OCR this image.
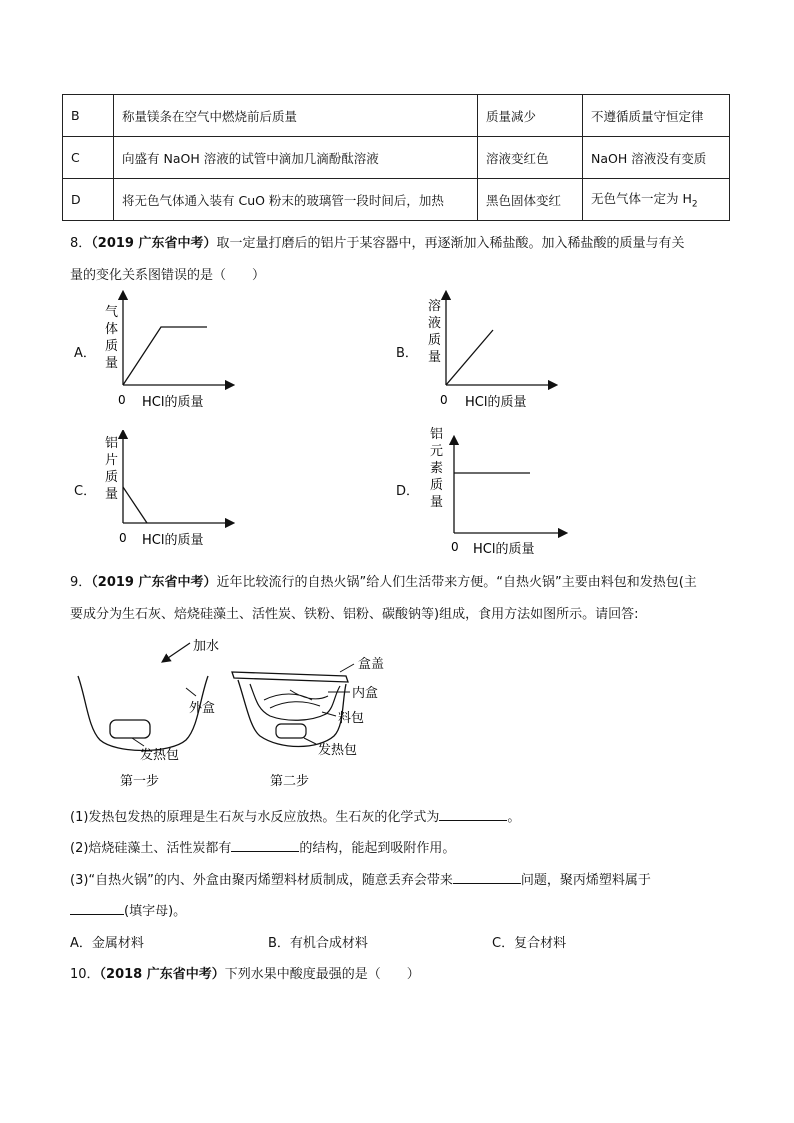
B	称量镁条在空气中燃烧前后质量	质量减少	不遵循质量守恒定律
C	向盛有 NaOH 溶液的试管中滴加几滴酚酞溶液	溶液变红色	NaOH 溶液没有变质
D	将无色气体通入装有 CuO 粉末的玻璃管一段时间后，加热	黑色固体变红	无色气体一定为 $H_2$
8．（2019 广东省中考）取一定量打磨后的铝片于某容器中，再逐渐加入稀盐酸。加入稀盐酸的质量与有关
量的变化关系图错误的是（　　）
A．
气
体
质
量
0 HCl的质量
B．
溶
液
质
量
0 HCl的质量
C．
铝
片
质
量
0 HCl的质量
D．
铝
元
素
质
量
0 HCl的质量
9．（2019 广东省中考）近年比较流行的自热火锅”给人们生活带来方便。“自热火锅”主要由料包和发热包(主
要成分为生石灰、焙烧硅藻土、活性炭、铁粉、铝粉、碳酸钠等)组成，食用方法如图所示。请回答:
加水
外盒
发热包
第一步
盒盖
内盒
料包
发热包
第二步
(1)发热包发热的原理是生石灰与水反应放热。生石灰的化学式为	。
(2)焙烧硅藻土、活性炭都有	的结构，能起到吸附作用。
(3)“自热火锅”的内、外盒由聚丙烯塑料材质制成，随意丢弃会带来	问题，聚丙烯塑料属于
(填字母)。
A．金属材料	B．有机合成材料	C．复合材料
10．（2018 广东省中考）下列水果中酸度最强的是（　　）
